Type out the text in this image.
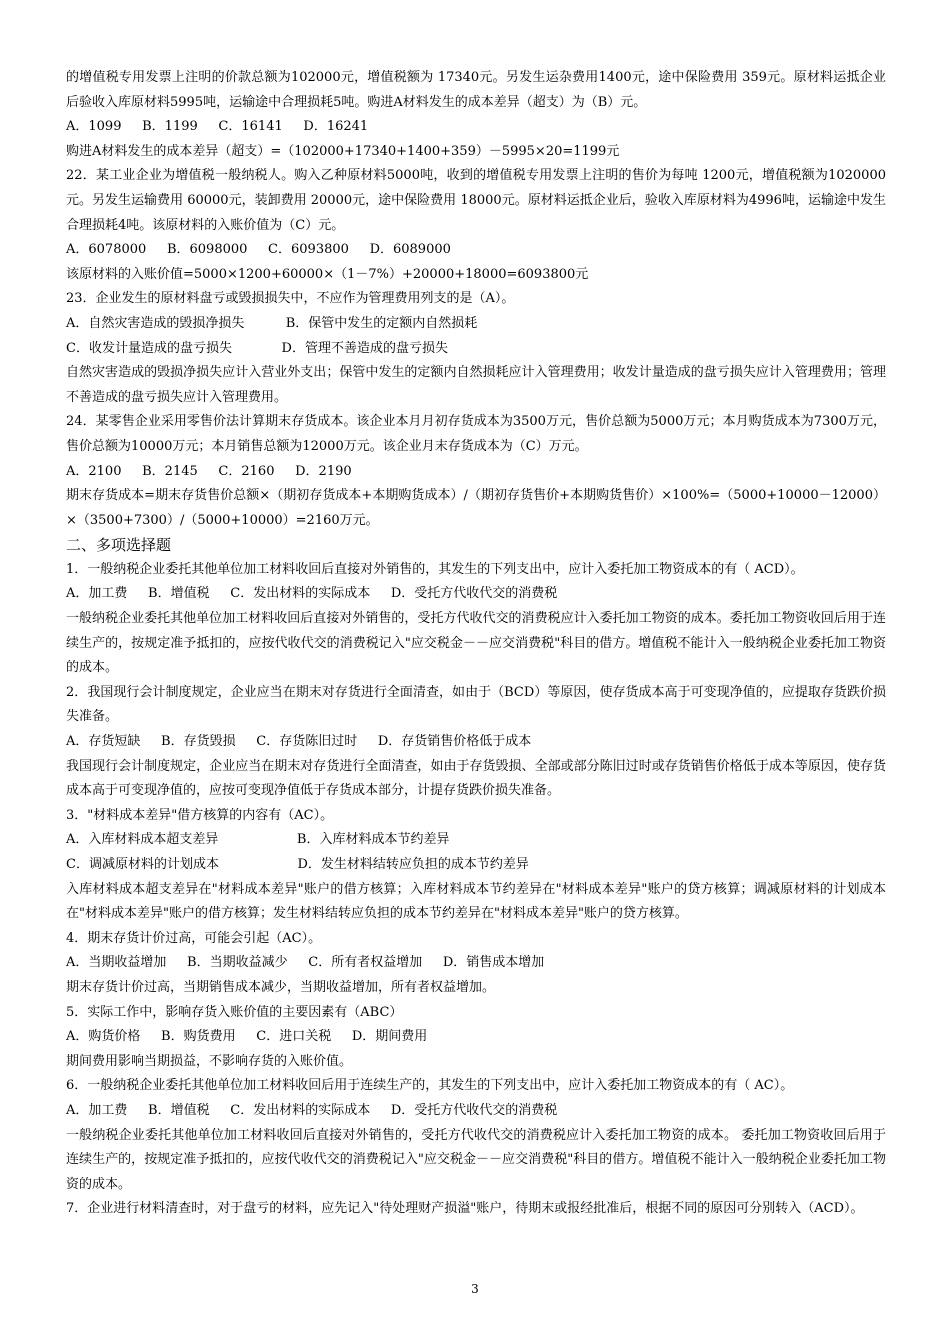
的增值税专用发票上注明的价款总额为102000元，增值税额为 17340元。另发生运杂费用1400元，途中保险费用 359元。原材料运抵企业后验收入库原材料5995吨，运输途中合理损耗5吨。购进A材料发生的成本差异（超支）为（B）元。

A．1099     B．1199     C．16141     D．16241

购进A材料发生的成本差异（超支）=（102000+17340+1400+359）－5995×20=1199元

22．某工业企业为增值税一般纳税人。购入乙种原材料5000吨，收到的增值税专用发票上注明的售价为每吨 1200元，增值税额为1020000元。另发生运输费用 60000元，装卸费用 20000元，途中保险费用 18000元。原材料运抵企业后，验收入库原材料为4996吨，运输途中发生合理损耗4吨。该原材料的入账价值为（C）元。

A．6078000     B．6098000     C．6093800     D．6089000

该原材料的入账价值=5000×1200+60000×（1－7%）+20000+18000=6093800元

23．企业发生的原材料盘亏或毁损损失中，不应作为管理费用列支的是（A）。

A．自然灾害造成的毁损净损失          B．保管中发生的定额内自然损耗

C．收发计量造成的盘亏损失            D．管理不善造成的盘亏损失

自然灾害造成的毁损净损失应计入营业外支出；保管中发生的定额内自然损耗应计入管理费用；收发计量造成的盘亏损失应计入管理费用；管理不善造成的盘亏损失应计入管理费用。

24．某零售企业采用零售价法计算期末存货成本。该企业本月月初存货成本为3500万元，售价总额为5000万元；本月购货成本为7300万元，售价总额为10000万元；本月销售总额为12000万元。该企业月末存货成本为（C）万元。

A．2100     B．2145     C．2160     D．2190

期末存货成本=期末存货售价总额×（期初存货成本+本期购货成本）/（期初存货售价+本期购货售价）×100%=（5000+10000－12000）×（3500+7300）/（5000+10000）=2160万元。

二、多项选择题

1．一般纳税企业委托其他单位加工材料收回后直接对外销售的，其发生的下列支出中，应计入委托加工物资成本的有（ ACD）。

A．加工费     B．增值税     C．发出材料的实际成本     D．受托方代收代交的消费税

一般纳税企业委托其他单位加工材料收回后直接对外销售的，受托方代收代交的消费税应计入委托加工物资的成本。委托加工物资收回后用于连续生产的，按规定准予抵扣的，应按代收代交的消费税记入"应交税金－－应交消费税"科目的借方。增值税不能计入一般纳税企业委托加工物资的成本。

2．我国现行会计制度规定，企业应当在期末对存货进行全面清查，如由于（BCD）等原因，使存货成本高于可变现净值的，应提取存货跌价损失准备。

A．存货短缺     B．存货毁损     C．存货陈旧过时     D．存货销售价格低于成本

我国现行会计制度规定，企业应当在期末对存货进行全面清查，如由于存货毁损、全部或部分陈旧过时或存货销售价格低于成本等原因，使存货成本高于可变现净值的，应按可变现净值低于存货成本部分，计提存货跌价损失准备。

3．"材料成本差异"借方核算的内容有（AC）。

A．入库材料成本超支差异                   B．入库材料成本节约差异

C．调减原材料的计划成本                   D．发生材料结转应负担的成本节约差异

入库材料成本超支差异在"材料成本差异"账户的借方核算；入库材料成本节约差异在"材料成本差异"账户的贷方核算；调减原材料的计划成本在"材料成本差异"账户的借方核算；发生材料结转应负担的成本节约差异在"材料成本差异"账户的贷方核算。

4．期末存货计价过高，可能会引起（AC）。

A．当期收益增加     B．当期收益减少     C．所有者权益增加     D．销售成本增加

期末存货计价过高，当期销售成本减少，当期收益增加，所有者权益增加。

5．实际工作中，影响存货入账价值的主要因素有（ABC）

A．购货价格     B．购货费用     C．进口关税     D．期间费用

期间费用影响当期损益，不影响存货的入账价值。

6．一般纳税企业委托其他单位加工材料收回后用于连续生产的，其发生的下列支出中，应计入委托加工物资成本的有（ AC）。

A．加工费     B．增值税     C．发出材料的实际成本     D．受托方代收代交的消费税

一般纳税企业委托其他单位加工材料收回后直接对外销售的，受托方代收代交的消费税应计入委托加工物资的成本。 委托加工物资收回后用于连续生产的，按规定准予抵扣的，应按代收代交的消费税记入"应交税金－－应交消费税"科目的借方。增值税不能计入一般纳税企业委托加工物资的成本。

7．企业进行材料清查时，对于盘亏的材料，应先记入"待处理财产损溢"账户，待期末或报经批准后，根据不同的原因可分别转入（ACD）。

3
